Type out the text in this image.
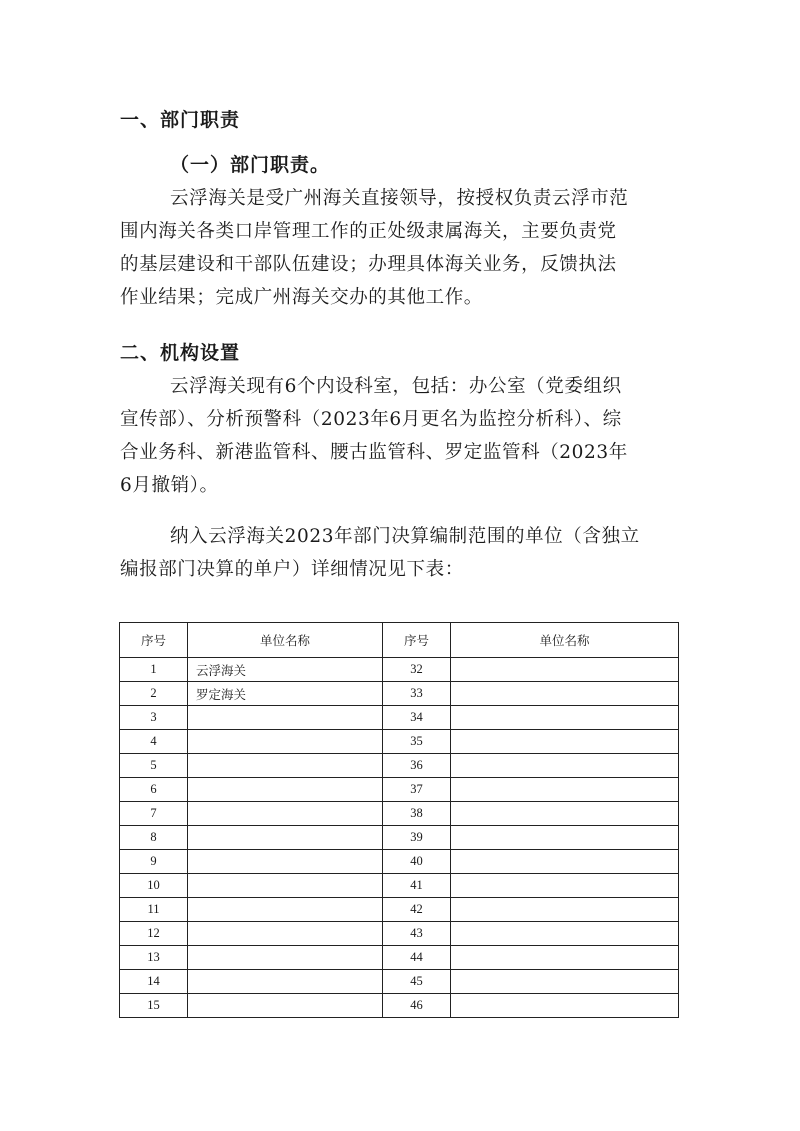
一、部门职责
（一）部门职责。
云浮海关是受广州海关直接领导，按授权负责云浮市范
围内海关各类口岸管理工作的正处级隶属海关，主要负责党
的基层建设和干部队伍建设；办理具体海关业务，反馈执法
作业结果；完成广州海关交办的其他工作。
二、机构设置
云浮海关现有6个内设科室，包括：办公室（党委组织
宣传部）、分析预警科（2023年6月更名为监控分析科）、综
合业务科、新港监管科、腰古监管科、罗定监管科（2023年
6月撤销）。
纳入云浮海关2023年部门决算编制范围的单位（含独立
编报部门决算的单户）详细情况见下表：
序号	单位名称	序号	单位名称
1	云浮海关	32	
2	罗定海关	33	
3		34	
4		35	
5		36	
6		37	
7		38	
8		39	
9		40	
10		41	
11		42	
12		43	
13		44	
14		45	
15		46	
